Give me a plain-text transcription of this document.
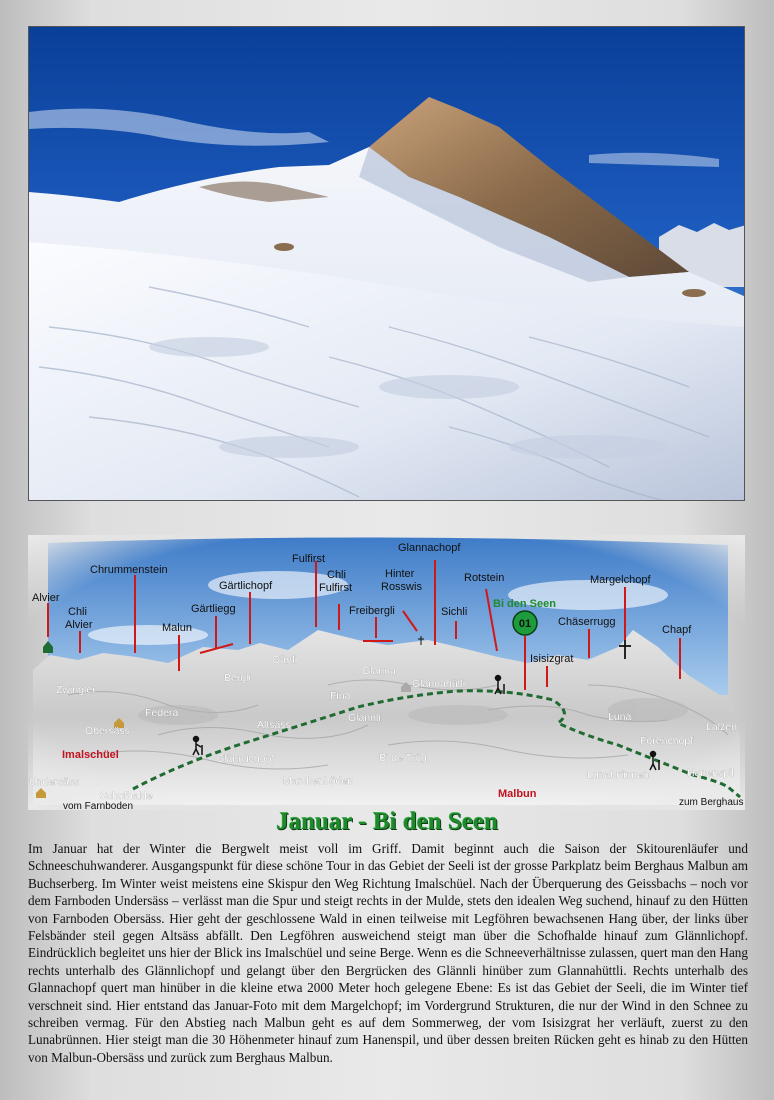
01
Alvier
Chli
Alvier
Chrummenstein
Malun
Gärtliegg
Gärtlichopf
Fulfirst
Chli
Fulfirst
Freibergli
Hinter
Rosswis
Glannachopf
Sichli
Rotstein
Bi den Seen
Chäserrugg
Margelchopf
Chapf
Isisizgrat
Zwingler
Bergli
Gärtli
Glanna
Glannahütli
Fina
Federa
Obersäss	Altsäss
Glännli	Luna
Lalzen
Forenchopf
Glännlichopf	Bi de Trög
Marchenböden	Lunabrünnen	Hanenspil
Undersäss
Schofhalde
Imalschüel
Malbun
vom Farnboden	zum Berghaus
Januar - Bi den Seen

Im Januar hat der Winter die Bergwelt meist voll im Griff. Damit beginnt auch die Saison der Skitourenläufer und Schneeschuhwanderer. Ausgangspunkt für diese schöne Tour in das Gebiet der Seeli ist der grosse Parkplatz beim Berghaus Malbun am Buchserberg. Im Winter weist meistens eine Skispur den Weg Richtung Imalschüel. Nach der Überquerung des Geissbachs – noch vor dem Farnboden Undersäss – verlässt man die Spur und steigt rechts in der Mulde, stets den idealen Weg suchend, hinauf zu den Hütten von Farnboden Obersäss. Hier geht der geschlossene Wald in einen teilweise mit Legföhren bewachsenen Hang über, der links über Felsbänder steil gegen Altsäss abfällt. Den Legföhren ausweichend steigt man über die Schofhalde hinauf zum Glännlichopf. Eindrücklich begleitet uns hier der Blick ins Imalschüel und seine Berge. Wenn es die Schneeverhältnisse zulassen, quert man den Hang rechts unterhalb des Glännlichopf und gelangt über den Bergrücken des Glännli hinüber zum Glannahüttli. Rechts unterhalb des Glannachopf quert man hinüber in die kleine etwa 2000 Meter hoch gelegene Ebene: Es ist das Gebiet der Seeli, die im Winter tief verschneit sind. Hier entstand das Januar-Foto mit dem Margelchopf; im Vordergrund Strukturen, die nur der Wind in den Schnee zu schreiben vermag. Für den Abstieg nach Malbun geht es auf dem Sommerweg, der vom Isisizgrat her verläuft, zuerst zu den Lunabrünnen. Hier steigt man die 30 Höhenmeter hinauf zum Hanenspil, und über dessen breiten Rücken geht es hinab zu den Hütten von Malbun-Obersäss und zurück zum Berghaus Malbun.
